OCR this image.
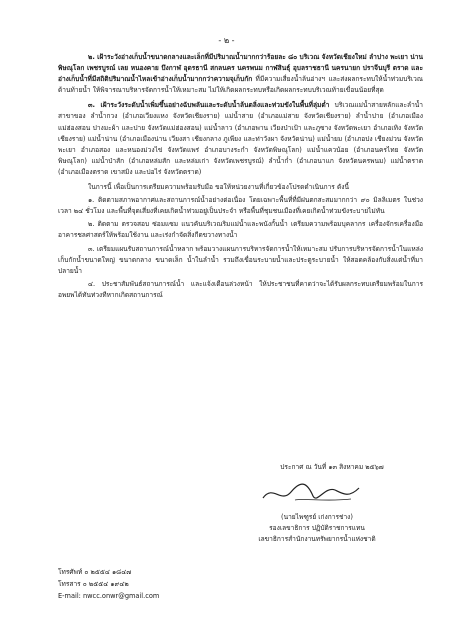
- ๒ -

๒. เฝ้าระวังอ่างเก็บน้ำขนาดกลางและเล็กที่มีปริมาณน้ำมากกว่าร้อยละ ๘๐ บริเวณ จังหวัดเชียงใหม่ ลำปาง พะเยา น่าน พิษณุโลก เพชรบูรณ์ เลย หนองคาย บึงกาฬ อุดรธานี สกลนคร นครพนม กาฬสินธุ์ อุบลราชธานี นครนายก ปราจีนบุรี ตราด และอ่างเก็บน้ำที่มีสถิติปริมาณน้ำไหลเข้าอ่างเก็บน้ำมากกว่าความจุเก็บกัก ที่มีความเสี่ยงน้ำล้นอ่างฯ และส่งผลกระทบให้น้ำท่วมบริเวณด้านท้ายน้ำ ให้พิจารณาบริหารจัดการน้ำให้เหมาะสม ไม่ให้เกิดผลกระทบหรือเกิดผลกระทบบริเวณท้ายเขื่อนน้อยที่สุด

๓. เฝ้าระวังระดับน้ำเพิ่มขึ้นอย่างฉับพลันและระดับน้ำล้นตลิ่งและท่วมขังในพื้นที่ลุ่มต่ำ บริเวณแม่น้ำสายหลักและลำน้ำสาขาของ ลำน้ำกวง (อำเภอเวียงแหง จังหวัดเชียงราย) แม่น้ำสาย (อำเภอแม่สาย จังหวัดเชียงราย) ลำน้ำปาย (อำเภอเมืองแม่ฮ่องสอน ปางมะผ้า และปาย จังหวัดแม่ฮ่องสอน) แม่น้ำลาว (อำเภอพาน เวียงป่าเป้า และภูซาง จังหวัดพะเยา อำเภอเทิง จังหวัดเชียงราย) แม่น้ำน่าน (อำเภอเมืองน่าน เวียงสา เชียงกลาง ภูเพียง และท่าวังผา จังหวัดน่าน) แม่น้ำยม (อำเภอปง เชียงม่วน จังหวัดพะเยา อำเภอสอง และหนองม่วงไข่ จังหวัดแพร่ อำเภอบางระกำ จังหวัดพิษณุโลก) แม่น้ำแควน้อย (อำเภอนครไทย จังหวัดพิษณุโลก) แม่น้ำป่าสัก (อำเภอหล่มสัก และหล่มเก่า จังหวัดเพชรบูรณ์) ลำน้ำก่ำ (อำเภอนาแก จังหวัดนครพนม) แม่น้ำตราด (อำเภอเมืองตราด เขาสมิง และบ่อไร่ จังหวัดตราด)

ในการนี้ เพื่อเป็นการเตรียมความพร้อมรับมือ ขอให้หน่วยงานที่เกี่ยวข้องโปรดดำเนินการ ดังนี้

๑. ติดตามสภาพอากาศและสถานการณ์น้ำอย่างต่อเนื่อง โดยเฉพาะพื้นที่ที่มีฝนตกสะสมมากกว่า ๙๐ มิลลิเมตร ในช่วงเวลา ๒๔ ชั่วโมง และพื้นที่จุดเสี่ยงที่เคยเกิดน้ำท่วมอยู่เป็นประจำ หรือพื้นที่ชุมชนเมืองที่เคยเกิดน้ำท่วมขังระบายไม่ทัน

๒. ติดตาม ตรวจสอบ ซ่อมแซม แนวคันบริเวณริมแม่น้ำและพนังกั้นน้ำ เตรียมความพร้อมบุคลากร เครื่องจักรเครื่องมือ อาคารชลศาสตร์ให้พร้อมใช้งาน และเร่งกำจัดสิ่งกีดขวางทางน้ำ

๓. เตรียมแผนรับสถานการณ์น้ำหลาก พร้อมวางแผนการบริหารจัดการน้ำให้เหมาะสม ปรับการบริหารจัดการน้ำในแหล่งเก็บกักน้ำขนาดใหญ่ ขนาดกลาง ขนาดเล็ก น้ำในลำน้ำ รวมถึงเขื่อนระบายน้ำและประตูระบายน้ำ ให้สอดคล้องกับสิ่งแต่น้ำที่มาปลายน้ำ

๔. ประชาสัมพันธ์สถานการณ์น้ำ และแจ้งเตือนล่วงหน้า ให้ประชาชนที่คาดว่าจะได้รับผลกระทบเตรียมพร้อมในการอพยพได้ทันท่วงทีหากเกิดสถานการณ์

ประกาศ ณ วันที่ ๑๓ สิงหาคม ๒๕๖๗
(นายไพฑูรย์ เก่งการช่าง)
รองเลขาธิการ ปฏิบัติราชการแทน
เลขาธิการสำนักงานทรัพยากรน้ำแห่งชาติ
โทรศัพท์ ๐ ๒๕๕๔ ๑๘๔๗
โทรสาร ๐ ๒๕๕๔ ๑๙๔๒
E-mail: nwcc.onwr@gmail.com
